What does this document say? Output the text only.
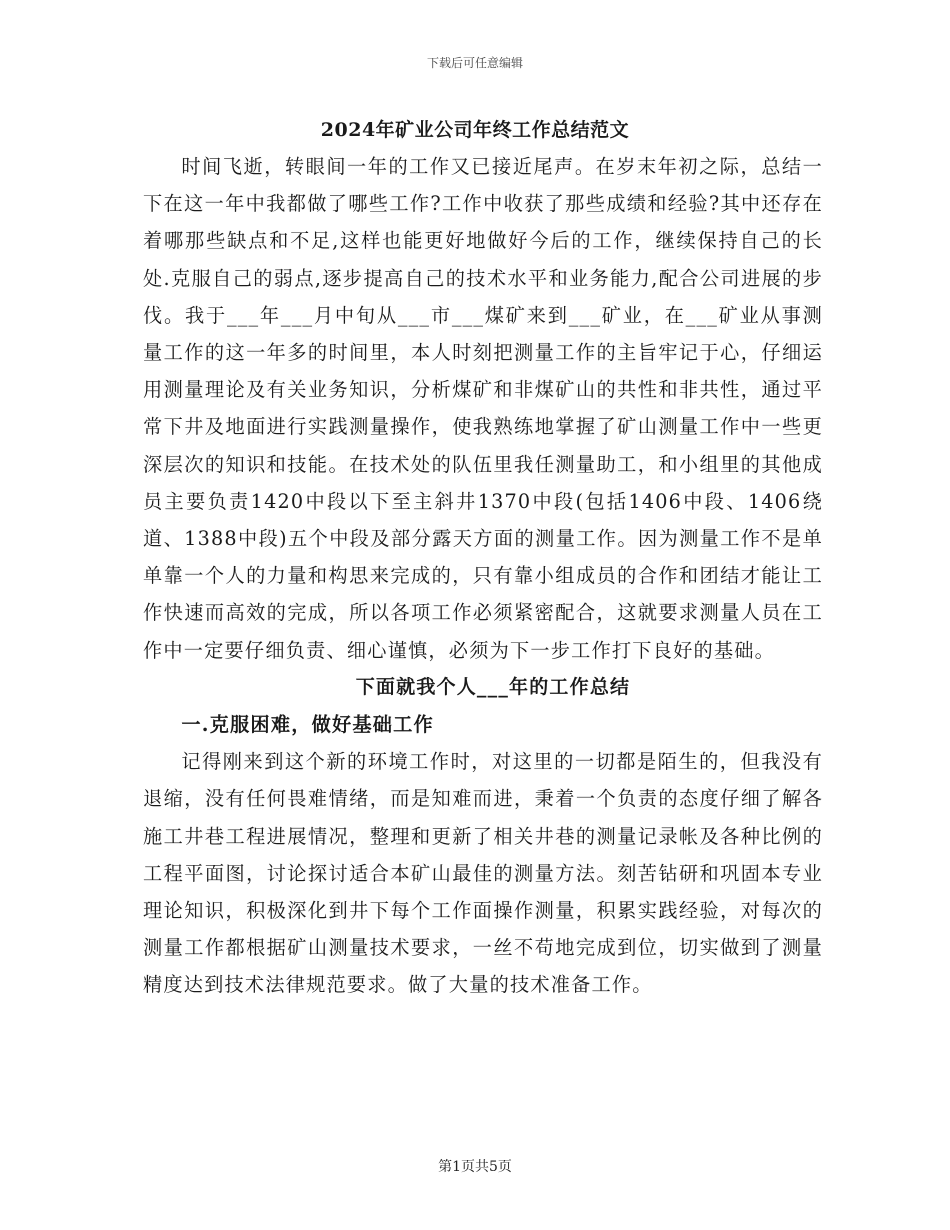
下载后可任意编辑
2024年矿业公司年终工作总结范文

时间飞逝，转眼间一年的工作又已接近尾声。在岁末年初之际，总结一下在这一年中我都做了哪些工作?工作中收获了那些成绩和经验?其中还存在着哪那些缺点和不足,这样也能更好地做好今后的工作，继续保持自己的长处.克服自己的弱点,逐步提高自己的技术水平和业务能力,配合公司进展的步伐。我于___年___月中旬从___市___煤矿来到___矿业，在___矿业从事测量工作的这一年多的时间里，本人时刻把测量工作的主旨牢记于心，仔细运用测量理论及有关业务知识，分析煤矿和非煤矿山的共性和非共性，通过平常下井及地面进行实践测量操作，使我熟练地掌握了矿山测量工作中一些更深层次的知识和技能。在技术处的队伍里我任测量助工，和小组里的其他成员主要负责1420中段以下至主斜井1370中段(包括1406中段、1406绕道、1388中段)五个中段及部分露天方面的测量工作。因为测量工作不是单单靠一个人的力量和构思来完成的，只有靠小组成员的合作和团结才能让工作快速而高效的完成，所以各项工作必须紧密配合，这就要求测量人员在工作中一定要仔细负责、细心谨慎，必须为下一步工作打下良好的基础。

下面就我个人___年的工作总结

一.克服困难，做好基础工作

记得刚来到这个新的环境工作时，对这里的一切都是陌生的，但我没有退缩，没有任何畏难情绪，而是知难而进，秉着一个负责的态度仔细了解各施工井巷工程进展情况，整理和更新了相关井巷的测量记录帐及各种比例的工程平面图，讨论探讨适合本矿山最佳的测量方法。刻苦钻研和巩固本专业理论知识，积极深化到井下每个工作面操作测量，积累实践经验，对每次的测量工作都根据矿山测量技术要求，一丝不苟地完成到位，切实做到了测量精度达到技术法律规范要求。做了大量的技术准备工作。

第1页共5页
